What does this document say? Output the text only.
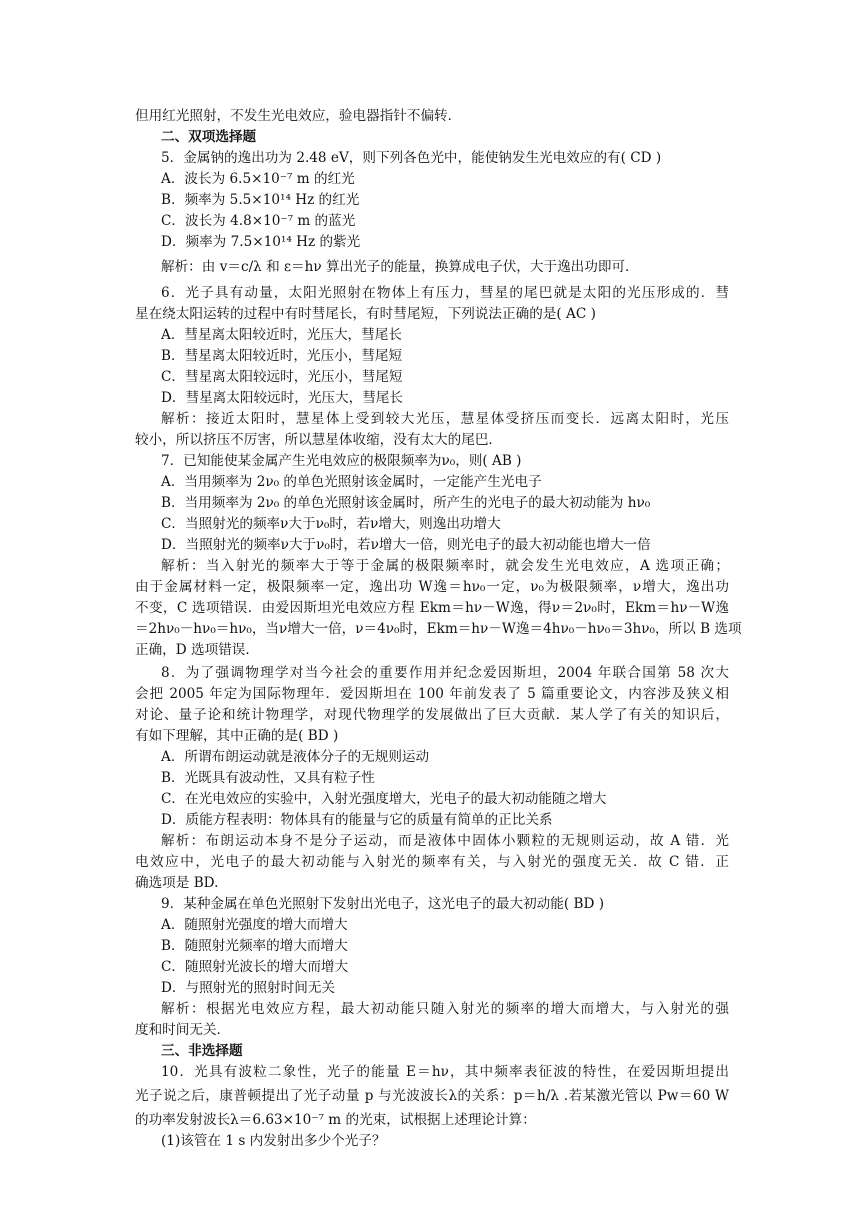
但用红光照射，不发生光电效应，验电器指针不偏转．
二、双项选择题
5．金属钠的逸出功为 2.48 eV，则下列各色光中，能使钠发生光电效应的有( CD )
A．波长为 6.5×10⁻⁷ m 的红光
B．频率为 5.5×10¹⁴ Hz 的红光
C．波长为 4.8×10⁻⁷ m 的蓝光
D．频率为 7.5×10¹⁴ Hz 的紫光
解析：由 v＝c/λ 和 ε＝hν 算出光子的能量，换算成电子伏，大于逸出功即可．
6．光子具有动量，太阳光照射在物体上有压力，彗星的尾巴就是太阳的光压形成的．彗
星在绕太阳运转的过程中有时彗尾长，有时彗尾短，下列说法正确的是( AC )
A．彗星离太阳较近时，光压大，彗尾长
B．彗星离太阳较近时，光压小，彗尾短
C．彗星离太阳较远时，光压小，彗尾短
D．彗星离太阳较远时，光压大，彗尾长
解析：接近太阳时，慧星体上受到较大光压，慧星体受挤压而变长．远离太阳时，光压
较小，所以挤压不厉害，所以慧星体收缩，没有太大的尾巴．
7．已知能使某金属产生光电效应的极限频率为ν₀，则( AB )
A．当用频率为 2ν₀ 的单色光照射该金属时，一定能产生光电子
B．当用频率为 2ν₀ 的单色光照射该金属时，所产生的光电子的最大初动能为 hν₀
C．当照射光的频率ν大于ν₀时，若ν增大，则逸出功增大
D．当照射光的频率ν大于ν₀时，若ν增大一倍，则光电子的最大初动能也增大一倍
解析：当入射光的频率大于等于金属的极限频率时，就会发生光电效应，A 选项正确；
由于金属材料一定，极限频率一定，逸出功 W逸＝hν₀一定，ν₀为极限频率，ν增大，逸出功
不变，C 选项错误．由爱因斯坦光电效应方程 Ekm＝hν－W逸，得ν＝2ν₀时，Ekm＝hν－W逸
＝2hν₀－hν₀＝hν₀，当ν增大一倍，ν＝4ν₀时，Ekm＝hν－W逸＝4hν₀－hν₀＝3hν₀，所以 B 选项
正确，D 选项错误．
8．为了强调物理学对当今社会的重要作用并纪念爱因斯坦，2004 年联合国第 58 次大
会把 2005 年定为国际物理年．爱因斯坦在 100 年前发表了 5 篇重要论文，内容涉及狭义相
对论、量子论和统计物理学，对现代物理学的发展做出了巨大贡献．某人学了有关的知识后，
有如下理解，其中正确的是( BD )
A．所谓布朗运动就是液体分子的无规则运动
B．光既具有波动性，又具有粒子性
C．在光电效应的实验中，入射光强度增大，光电子的最大初动能随之增大
D．质能方程表明：物体具有的能量与它的质量有简单的正比关系
解析：布朗运动本身不是分子运动，而是液体中固体小颗粒的无规则运动，故 A 错．光
电效应中，光电子的最大初动能与入射光的频率有关，与入射光的强度无关．故 C 错．正
确选项是 BD.
9．某种金属在单色光照射下发射出光电子，这光电子的最大初动能( BD )
A．随照射光强度的增大而增大
B．随照射光频率的增大而增大
C．随照射光波长的增大而增大
D．与照射光的照射时间无关
解析：根据光电效应方程，最大初动能只随入射光的频率的增大而增大，与入射光的强
度和时间无关．
三、非选择题
10．光具有波粒二象性，光子的能量 E＝hν，其中频率表征波的特性，在爱因斯坦提出
光子说之后，康普顿提出了光子动量 p 与光波波长λ的关系：p＝h/λ .若某激光管以 Pw＝60 W
的功率发射波长λ＝6.63×10⁻⁷ m 的光束，试根据上述理论计算：
(1)该管在 1 s 内发射出多少个光子？
